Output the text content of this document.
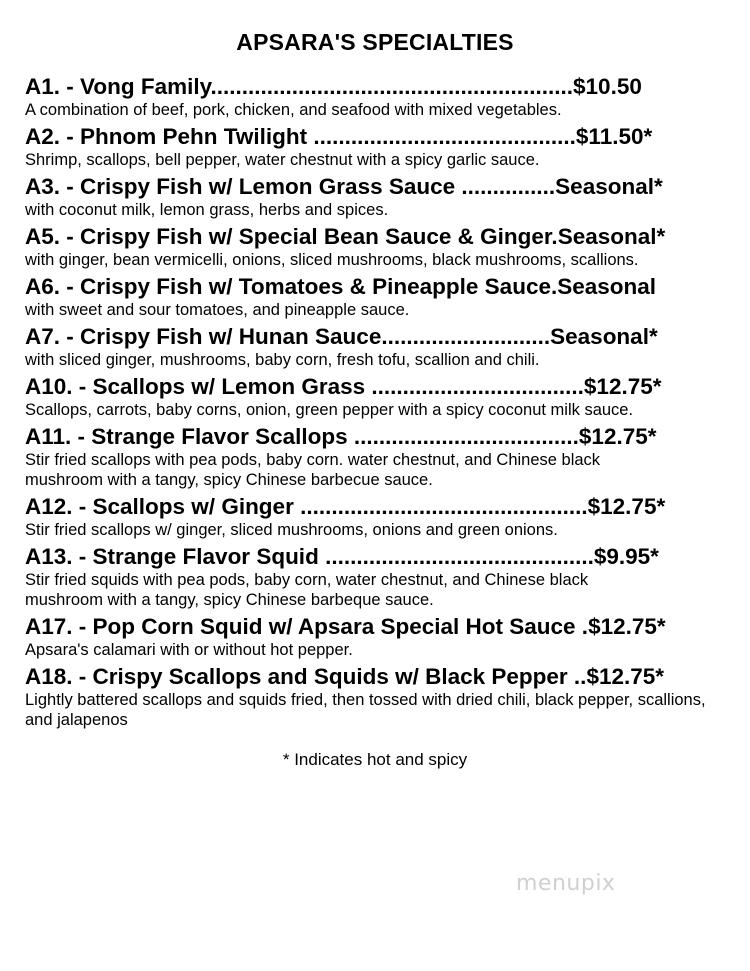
APSARA'S SPECIALTIES
A1. - Vong Family..........................................................$10.50
A combination of beef, pork, chicken, and seafood with mixed vegetables.
A2. - Phnom Pehn Twilight ..........................................$11.50*
Shrimp, scallops, bell pepper, water chestnut with a spicy garlic sauce.
A3. - Crispy Fish w/ Lemon Grass Sauce ...............Seasonal*
with coconut milk, lemon grass, herbs and spices.
A5. - Crispy Fish w/ Special Bean Sauce & Ginger.Seasonal*
with ginger, bean vermicelli, onions, sliced mushrooms, black mushrooms, scallions.
A6. - Crispy Fish w/ Tomatoes & Pineapple Sauce.Seasonal
with sweet and sour tomatoes, and pineapple sauce.
A7. - Crispy Fish w/ Hunan Sauce...........................Seasonal*
with sliced ginger, mushrooms, baby corn, fresh tofu, scallion and chili.
A10. - Scallops w/ Lemon Grass ..................................$12.75*
Scallops, carrots, baby corns, onion, green pepper with a spicy coconut milk sauce.
A11. - Strange Flavor Scallops ....................................$12.75*
Stir fried scallops with pea pods, baby corn. water chestnut, and Chinese black mushroom with a tangy, spicy Chinese barbecue sauce.
A12. - Scallops w/ Ginger ..............................................$12.75*
Stir fried scallops w/ ginger, sliced mushrooms, onions and green onions.
A13. - Strange Flavor Squid ...........................................$9.95*
Stir fried squids with pea pods, baby corn, water chestnut, and Chinese black mushroom with a tangy, spicy Chinese barbeque sauce.
A17. - Pop Corn Squid w/ Apsara Special Hot Sauce .$12.75*
Apsara's calamari with or without hot pepper.
A18. - Crispy Scallops and Squids w/ Black Pepper ..$12.75*
Lightly battered scallops and squids fried, then tossed with dried chili, black pepper, scallions, and jalapenos
* Indicates hot and spicy
menupix
